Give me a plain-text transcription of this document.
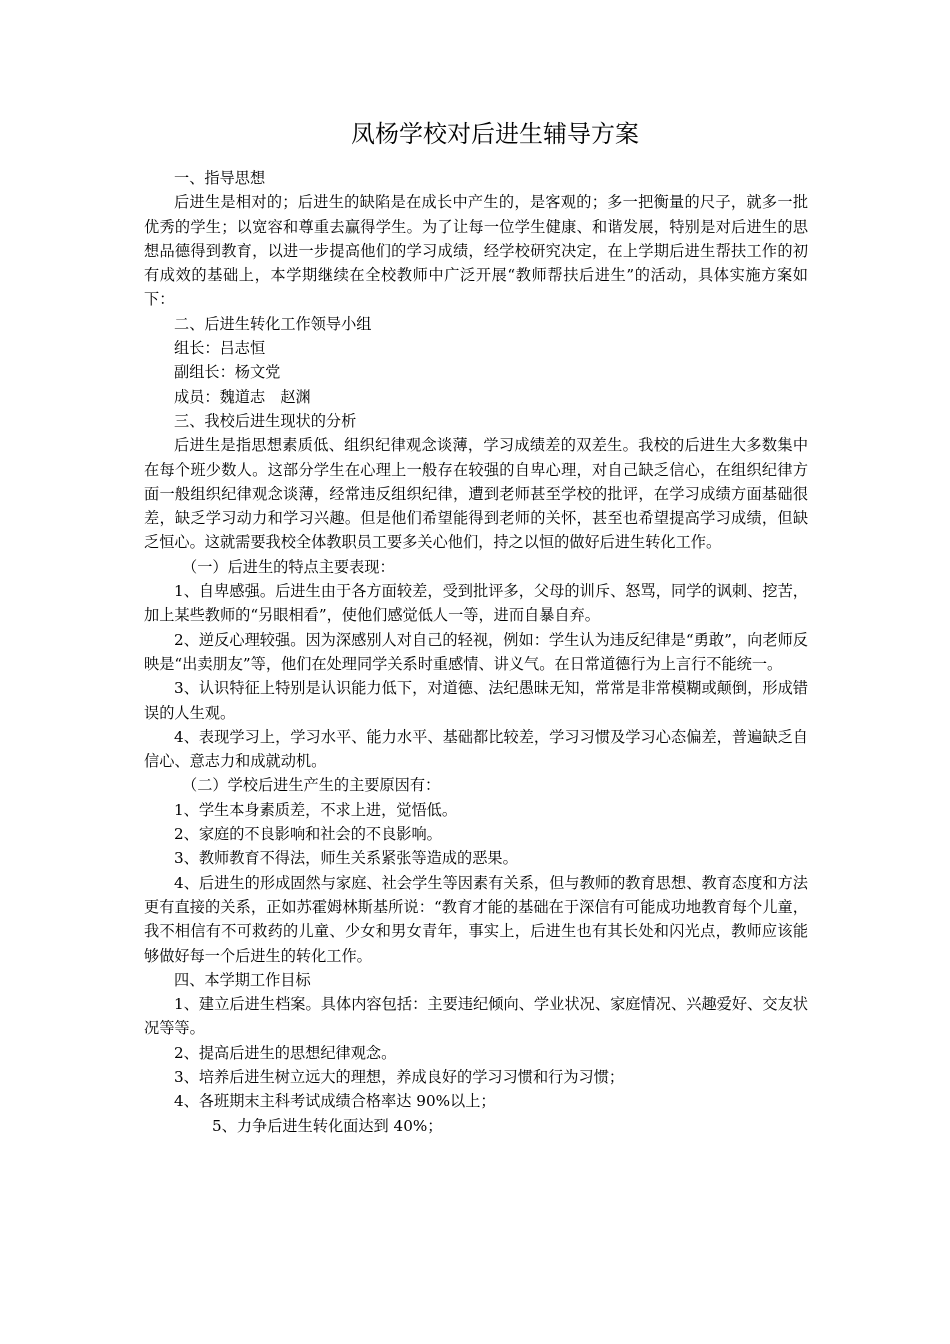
凤杨学校对后进生辅导方案

一、指导思想

后进生是相对的；后进生的缺陷是在成长中产生的，是客观的；多一把衡量的尺子，就多一批优秀的学生；以宽容和尊重去赢得学生。为了让每一位学生健康、和谐发展，特别是对后进生的思想品德得到教育，以进一步提高他们的学习成绩，经学校研究决定，在上学期后进生帮扶工作的初有成效的基础上，本学期继续在全校教师中广泛开展“教师帮扶后进生”的活动，具体实施方案如下：

二、后进生转化工作领导小组

组长：吕志恒

副组长：杨文党

成员：魏道志　赵渊

三、我校后进生现状的分析

后进生是指思想素质低、组织纪律观念谈薄，学习成绩差的双差生。我校的后进生大多数集中在每个班少数人。这部分学生在心理上一般存在较强的自卑心理，对自己缺乏信心，在组织纪律方面一般组织纪律观念谈薄，经常违反组织纪律，遭到老师甚至学校的批评，在学习成绩方面基础很差，缺乏学习动力和学习兴趣。但是他们希望能得到老师的关怀，甚至也希望提高学习成绩，但缺乏恒心。这就需要我校全体教职员工要多关心他们，持之以恒的做好后进生转化工作。

（一）后进生的特点主要表现：

1、自卑感强。后进生由于各方面较差，受到批评多，父母的训斥、怒骂，同学的讽刺、挖苦，加上某些教师的“另眼相看”，使他们感觉低人一等，进而自暴自弃。

2、逆反心理较强。因为深感别人对自己的轻视，例如：学生认为违反纪律是“勇敢”，向老师反映是“出卖朋友”等，他们在处理同学关系时重感情、讲义气。在日常道德行为上言行不能统一。

3、认识特征上特别是认识能力低下，对道德、法纪愚昧无知，常常是非常模糊或颠倒，形成错误的人生观。

4、表现学习上，学习水平、能力水平、基础都比较差，学习习惯及学习心态偏差，普遍缺乏自信心、意志力和成就动机。

（二）学校后进生产生的主要原因有：

1、学生本身素质差，不求上进，觉悟低。

2、家庭的不良影响和社会的不良影响。

3、教师教育不得法，师生关系紧张等造成的恶果。

4、后进生的形成固然与家庭、社会学生等因素有关系，但与教师的教育思想、教育态度和方法更有直接的关系，正如苏霍姆林斯基所说：“教育才能的基础在于深信有可能成功地教育每个儿童，我不相信有不可救药的儿童、少女和男女青年，事实上，后进生也有其长处和闪光点，教师应该能够做好每一个后进生的转化工作。

四、本学期工作目标

1、建立后进生档案。具体内容包括：主要违纪倾向、学业状况、家庭情况、兴趣爱好、交友状况等等。

2、提高后进生的思想纪律观念。

3、培养后进生树立远大的理想，养成良好的学习习惯和行为习惯；

4、各班期末主科考试成绩合格率达 90%以上；

5、力争后进生转化面达到 40%；
